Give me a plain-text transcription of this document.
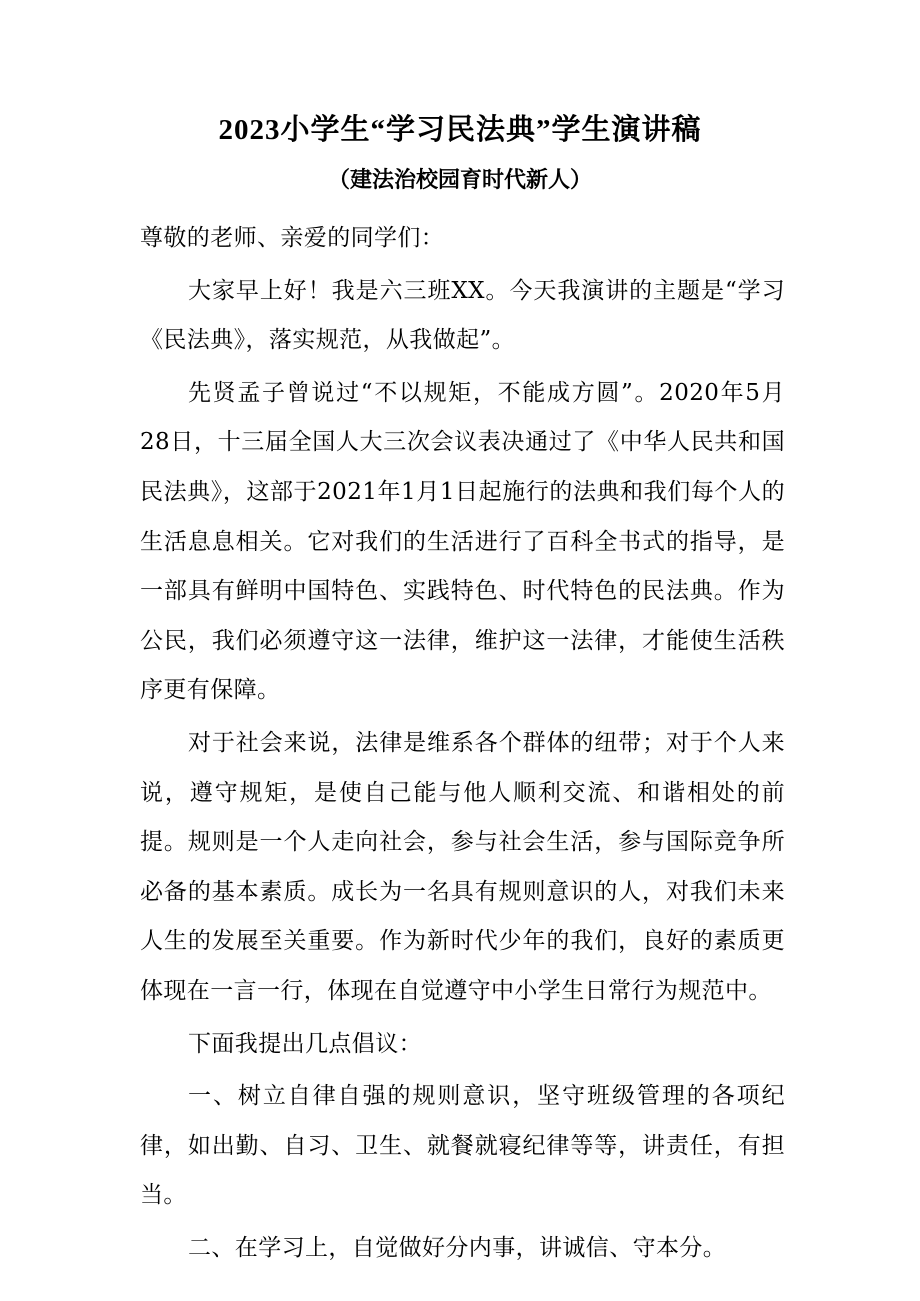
2023小学生“学习民法典”学生演讲稿
（建法治校园育时代新人）

尊敬的老师、亲爱的同学们：

大家早上好！我是六三班XX。今天我演讲的主题是“学习《民法典》，落实规范，从我做起”。

先贤孟子曾说过“不以规矩，不能成方圆”。2020年5月28日，十三届全国人大三次会议表决通过了《中华人民共和国民法典》，这部于2021年1月1日起施行的法典和我们每个人的生活息息相关。它对我们的生活进行了百科全书式的指导，是一部具有鲜明中国特色、实践特色、时代特色的民法典。作为公民，我们必须遵守这一法律，维护这一法律，才能使生活秩序更有保障。

对于社会来说，法律是维系各个群体的纽带；对于个人来说，遵守规矩，是使自己能与他人顺利交流、和谐相处的前提。规则是一个人走向社会，参与社会生活，参与国际竞争所必备的基本素质。成长为一名具有规则意识的人，对我们未来人生的发展至关重要。作为新时代少年的我们，良好的素质更体现在一言一行，体现在自觉遵守中小学生日常行为规范中。

下面我提出几点倡议：

一、树立自律自强的规则意识，坚守班级管理的各项纪律，如出勤、自习、卫生、就餐就寝纪律等等，讲责任，有担当。

二、在学习上，自觉做好分内事，讲诚信、守本分。
